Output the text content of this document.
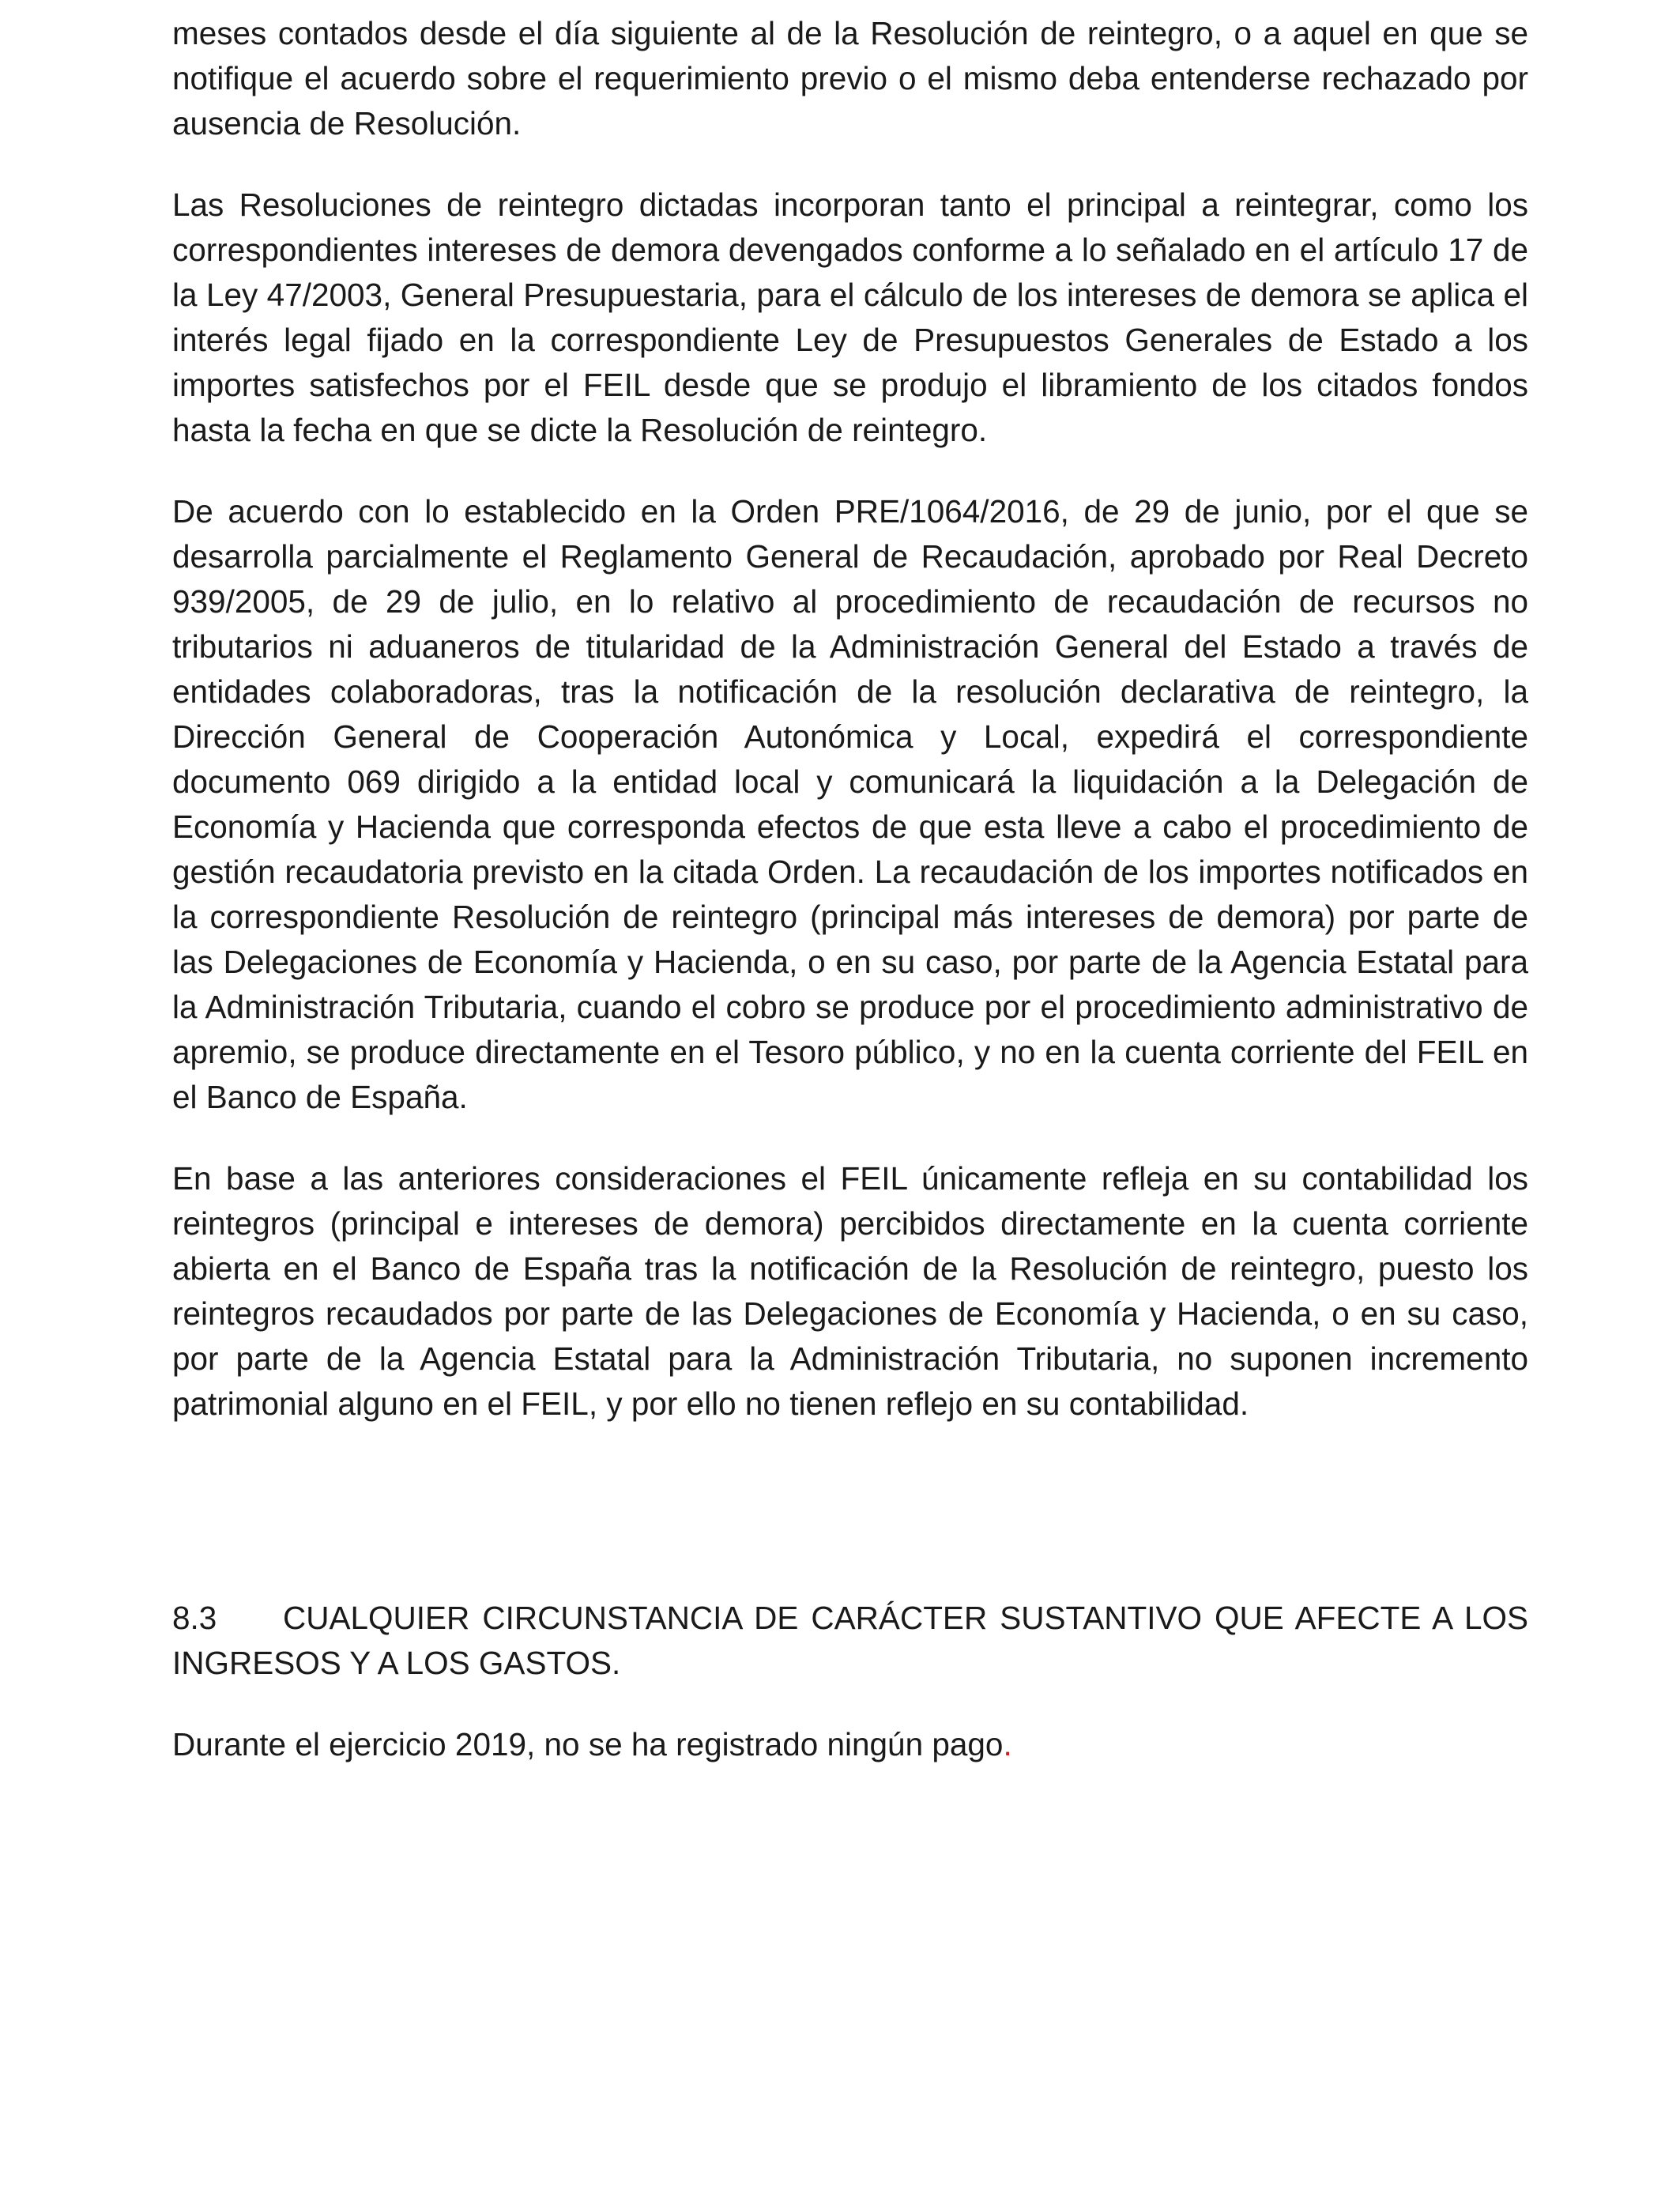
meses contados desde el día siguiente al de la Resolución de reintegro, o a aquel en que se notifique el acuerdo sobre el requerimiento previo o el mismo deba entenderse rechazado por ausencia de Resolución.

Las Resoluciones de reintegro dictadas incorporan tanto el principal a reintegrar, como los correspondientes intereses de demora devengados conforme a lo señalado en el artículo 17 de la Ley 47/2003, General Presupuestaria, para el cálculo de los intereses de demora se aplica el interés legal fijado en la correspondiente Ley de Presupuestos Generales de Estado a los importes satisfechos por el FEIL desde que se produjo el libramiento de los citados fondos hasta la fecha en que se dicte la Resolución de reintegro.

De acuerdo con lo establecido en la Orden PRE/1064/2016, de 29 de junio, por el que se desarrolla parcialmente el Reglamento General de Recaudación, aprobado por Real Decreto 939/2005, de 29 de julio, en lo relativo al procedimiento de recaudación de recursos no tributarios ni aduaneros de titularidad de la Administración General del Estado a través de entidades colaboradoras, tras la notificación de la resolución declarativa de reintegro, la Dirección General de Cooperación Autonómica y Local, expedirá el correspondiente documento 069 dirigido a la entidad local y comunicará la liquidación a la Delegación de Economía y Hacienda que corresponda efectos de que esta lleve a cabo el procedimiento de gestión recaudatoria previsto en la citada Orden. La recaudación de los importes notificados en la correspondiente Resolución de reintegro (principal más intereses de demora) por parte de las Delegaciones de Economía y Hacienda, o en su caso, por parte de la Agencia Estatal para la Administración Tributaria, cuando el cobro se produce por el procedimiento administrativo de apremio, se produce directamente en el Tesoro público, y no en la cuenta corriente del FEIL en el Banco de España.

En base a las anteriores consideraciones el FEIL únicamente refleja en su contabilidad los reintegros (principal e intereses de demora) percibidos directamente en la cuenta corriente abierta en el Banco de España tras la notificación de la Resolución de reintegro, puesto los reintegros recaudados por parte de las Delegaciones de Economía y Hacienda, o en su caso, por parte de la Agencia Estatal para la Administración Tributaria, no suponen incremento patrimonial alguno en el FEIL, y por ello no tienen reflejo en su contabilidad.

8.3 CUALQUIER CIRCUNSTANCIA DE CARÁCTER SUSTANTIVO QUE AFECTE A LOS INGRESOS Y A LOS GASTOS.

Durante el ejercicio 2019, no se ha registrado ningún pago.
